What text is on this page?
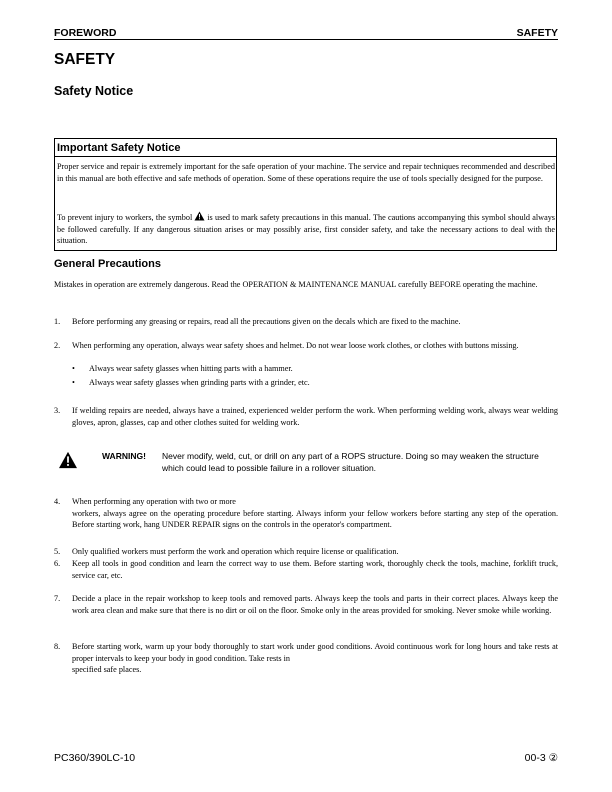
FOREWORD	SAFETY
SAFETY
Safety Notice
Important Safety Notice
Proper service and repair is extremely important for the safe operation of your machine. The service and repair techniques recommended and described in this manual are both effective and safe methods of operation. Some of these operations require the use of tools specially designed for the purpose.
To prevent injury to workers, the symbol is used to mark safety precautions in this manual. The cautions accompanying this symbol should always be followed carefully. If any dangerous situation arises or may possibly arise, first consider safety, and take the necessary actions to deal with the situation.
General Precautions
Mistakes in operation are extremely dangerous. Read the OPERATION & MAINTENANCE MANUAL carefully BEFORE operating the machine.
1. Before performing any greasing or repairs, read all the precautions given on the decals which are fixed to the machine.
2. When performing any operation, always wear safety shoes and helmet. Do not wear loose work clothes, or clothes with buttons missing.
• Always wear safety glasses when hitting parts with a hammer.
• Always wear safety glasses when grinding parts with a grinder, etc.
3. If welding repairs are needed, always have a trained, experienced welder perform the work. When performing welding work, always wear welding gloves, apron, glasses, cap and other clothes suited for welding work.
WARNING! Never modify, weld, cut, or drill on any part of a ROPS structure. Doing so may weaken the structure which could lead to possible failure in a rollover situation.
4. When performing any operation with two or more
workers, always agree on the operating procedure before starting. Always inform your fellow workers before starting any step of the operation. Before starting work, hang UNDER REPAIR signs on the controls in the operator's compartment.
5. Only qualified workers must perform the work and operation which require license or qualification.
6. Keep all tools in good condition and learn the correct way to use them. Before starting work, thoroughly check the tools, machine, forklift truck, service car, etc.
7. Decide a place in the repair workshop to keep tools and removed parts. Always keep the tools and parts in their correct places. Always keep the work area clean and make sure that there is no dirt or oil on the floor. Smoke only in the areas provided for smoking. Never smoke while working.
8. Before starting work, warm up your body thoroughly to start work under good conditions. Avoid continuous work for long hours and take rests at proper intervals to keep your body in good condition. Take rests in
specified safe places.
PC360/390LC-10	00-3 ②
